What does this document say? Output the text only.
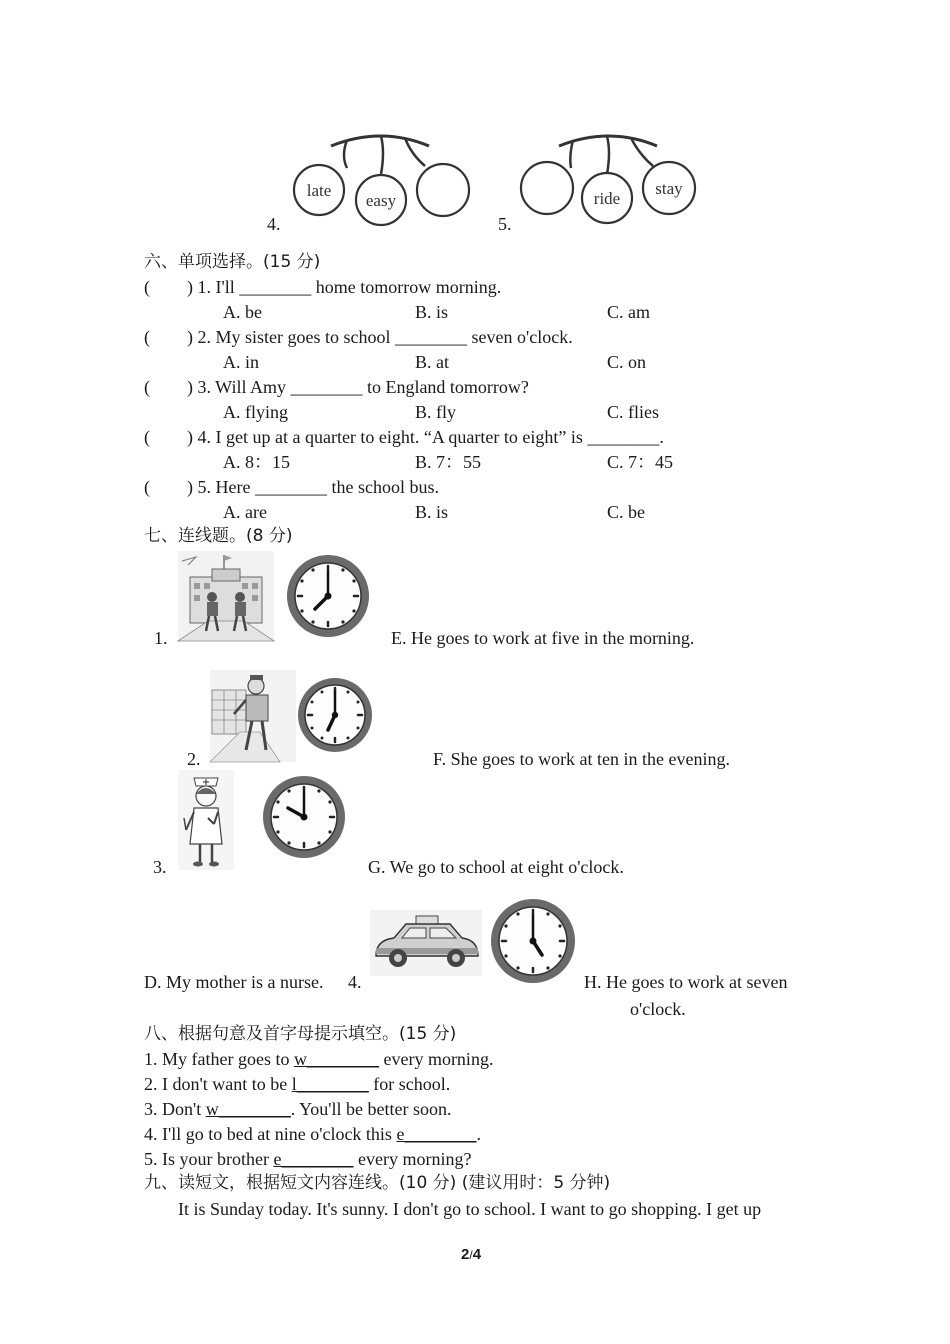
4.
late
easy
5.
ride
stay
六、单项选择。(15 分)
( ) 1. I'll ________ home tomorrow morning.
A. be	B. is	C. am
( ) 2. My sister goes to school ________ seven o'clock.
A. in	B. at	C. on
( ) 3. Will Amy ________ to England tomorrow?
A. flying	B. fly	C. flies
( ) 4. I get up at a quarter to eight. “A quarter to eight” is ________.
A. 8：15	B. 7：55	C. 7：45
( ) 5. Here ________ the school bus.
A. are	B. is	C. be
七、连线题。(8 分)
1.	E. He goes to work at five in the morning.
2.	F. She goes to work at ten in the evening.
3.	G. We go to school at eight o'clock.
D. My mother is a nurse. 4.	H. He goes to work at seven
o'clock.
八、根据句意及首字母提示填空。(15 分)
1. My father goes to w________ every morning.
2. I don't want to be l________ for school.
3. Don't w________. You'll be better soon.
4. I'll go to bed at nine o'clock this e________.
5. Is your brother e________ every morning?
九、读短文，根据短文内容连线。(10 分) (建议用时：5 分钟)
It is Sunday today. It's sunny. I don't go to school. I want to go shopping. I get up
2/4
